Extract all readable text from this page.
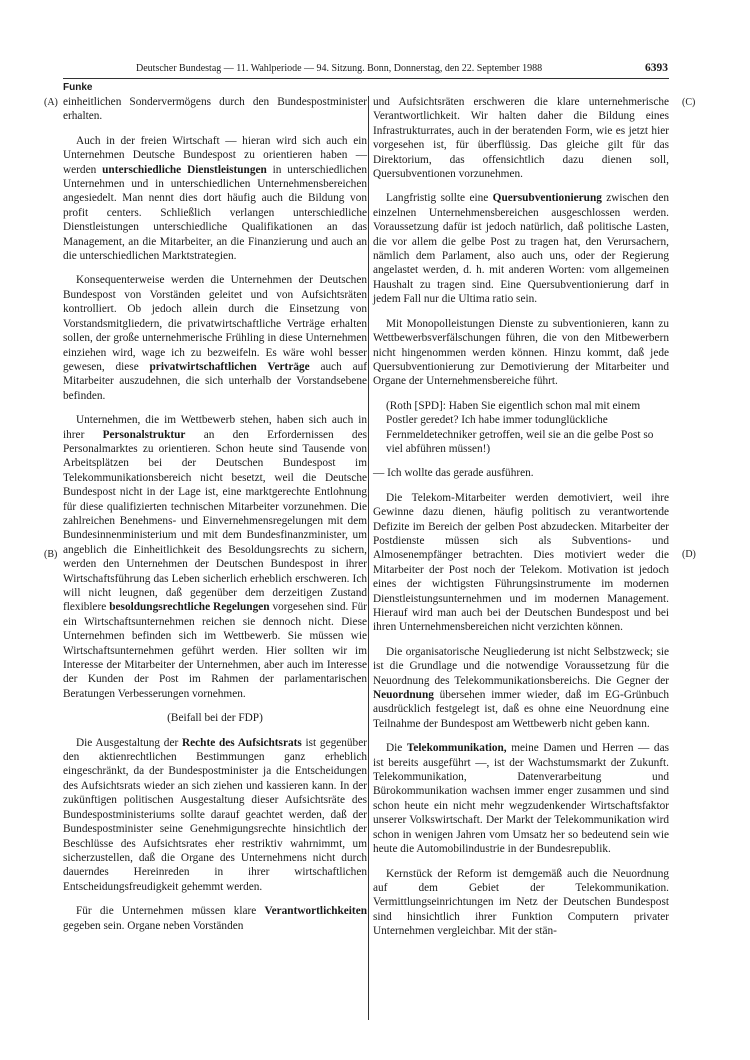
Deutscher Bundestag — 11. Wahlperiode — 94. Sitzung. Bonn, Donnerstag, den 22. September 1988	6393
Funke
(A)
(B)
(C)
(D)

einheitlichen Sondervermögens durch den Bundespostminister erhalten.

Auch in der freien Wirtschaft — hieran wird sich auch ein Unternehmen Deutsche Bundespost zu orientieren haben — werden unterschiedliche Dienstleistungen in unterschiedlichen Unternehmen und in unterschiedlichen Unternehmensbereichen angesiedelt. Man nennt dies dort häufig auch die Bildung von profit centers. Schließlich verlangen unterschiedliche Dienstleistungen unterschiedliche Qualifikationen an das Management, an die Mitarbeiter, an die Finanzierung und auch an die unterschiedlichen Marktstrategien.

Konsequenterweise werden die Unternehmen der Deutschen Bundespost von Vorständen geleitet und von Aufsichtsräten kontrolliert. Ob jedoch allein durch die Einsetzung von Vorstandsmitgliedern, die privatwirtschaftliche Verträge erhalten sollen, der große unternehmerische Frühling in diese Unternehmen einziehen wird, wage ich zu bezweifeln. Es wäre wohl besser gewesen, diese privatwirtschaftlichen Verträge auch auf Mitarbeiter auszudehnen, die sich unterhalb der Vorstandsebene befinden.

Unternehmen, die im Wettbewerb stehen, haben sich auch in ihrer Personalstruktur an den Erfordernissen des Personalmarktes zu orientieren. Schon heute sind Tausende von Arbeitsplätzen bei der Deutschen Bundespost im Telekommunikationsbereich nicht besetzt, weil die Deutsche Bundespost nicht in der Lage ist, eine marktgerechte Entlohnung für diese qualifizierten technischen Mitarbeiter vorzunehmen. Die zahlreichen Benehmens- und Einvernehmensregelungen mit dem Bundesinnenministerium und mit dem Bundesfinanzminister, um angeblich die Einheitlichkeit des Besoldungsrechts zu sichern, werden den Unternehmen der Deutschen Bundespost in ihrer Wirtschaftsführung das Leben sicherlich erheblich erschweren. Ich will nicht leugnen, daß gegenüber dem derzeitigen Zustand flexiblere besoldungsrechtliche Regelungen vorgesehen sind. Für ein Wirtschaftsunternehmen reichen sie dennoch nicht. Diese Unternehmen befinden sich im Wettbewerb. Sie müssen wie Wirtschaftsunternehmen geführt werden. Hier sollten wir im Interesse der Mitarbeiter der Unternehmen, aber auch im Interesse der Kunden der Post im Rahmen der parlamentarischen Beratungen Verbesserungen vornehmen.

(Beifall bei der FDP)

Die Ausgestaltung der Rechte des Aufsichtsrats ist gegenüber den aktienrechtlichen Bestimmungen ganz erheblich eingeschränkt, da der Bundespostminister ja die Entscheidungen des Aufsichtsrats wieder an sich ziehen und kassieren kann. In der zukünftigen politischen Ausgestaltung dieser Aufsichtsräte des Bundespostministeriums sollte darauf geachtet werden, daß der Bundespostminister seine Genehmigungsrechte hinsichtlich der Beschlüsse des Aufsichtsrates eher restriktiv wahrnimmt, um sicherzustellen, daß die Organe des Unternehmens nicht durch dauerndes Hereinreden in ihrer wirtschaftlichen Entscheidungsfreudigkeit gehemmt werden.

Für die Unternehmen müssen klare Verantwortlichkeiten gegeben sein. Organe neben Vorständen

und Aufsichtsräten erschweren die klare unternehmerische Verantwortlichkeit. Wir halten daher die Bildung eines Infrastrukturrates, auch in der beratenden Form, wie es jetzt hier vorgesehen ist, für überflüssig. Das gleiche gilt für das Direktorium, das offensichtlich dazu dienen soll, Quersubventionen vorzunehmen.

Langfristig sollte eine Quersubventionierung zwischen den einzelnen Unternehmensbereichen ausgeschlossen werden. Voraussetzung dafür ist jedoch natürlich, daß politische Lasten, die vor allem die gelbe Post zu tragen hat, den Verursachern, nämlich dem Parlament, also auch uns, oder der Regierung angelastet werden, d. h. mit anderen Worten: vom allgemeinen Haushalt zu tragen sind. Eine Quersubventionierung darf in jedem Fall nur die Ultima ratio sein.

Mit Monopolleistungen Dienste zu subventionieren, kann zu Wettbewerbsverfälschungen führen, die von den Mitbewerbern nicht hingenommen werden können. Hinzu kommt, daß jede Quersubventionierung zur Demotivierung der Mitarbeiter und Organe der Unternehmensbereiche führt.

(Roth [SPD]: Haben Sie eigentlich schon mal mit einem Postler geredet? Ich habe immer todunglückliche Fernmeldetechniker getroffen, weil sie an die gelbe Post so viel abführen müssen!)

— Ich wollte das gerade ausführen.

Die Telekom-Mitarbeiter werden demotiviert, weil ihre Gewinne dazu dienen, häufig politisch zu verantwortende Defizite im Bereich der gelben Post abzudecken. Mitarbeiter der Postdienste müssen sich als Subventions- und Almosenempfänger betrachten. Dies motiviert weder die Mitarbeiter der Post noch der Telekom. Motivation ist jedoch eines der wichtigsten Führungsinstrumente im modernen Dienstleistungsunternehmen und im modernen Management. Hierauf wird man auch bei der Deutschen Bundespost und bei ihren Unternehmensbereichen nicht verzichten können.

Die organisatorische Neugliederung ist nicht Selbstzweck; sie ist die Grundlage und die notwendige Voraussetzung für die Neuordnung des Telekommunikationsbereichs. Die Gegner der Neuordnung übersehen immer wieder, daß im EG-Grünbuch ausdrücklich festgelegt ist, daß es ohne eine Neuordnung eine Teilnahme der Bundespost am Wettbewerb nicht geben kann.

Die Telekommunikation, meine Damen und Herren — das ist bereits ausgeführt —, ist der Wachstumsmarkt der Zukunft. Telekommunikation, Datenverarbeitung und Bürokommunikation wachsen immer enger zusammen und sind schon heute ein nicht mehr wegzudenkender Wirtschaftsfaktor unserer Volkswirtschaft. Der Markt der Telekommunikation wird schon in wenigen Jahren vom Umsatz her so bedeutend sein wie heute die Automobilindustrie in der Bundesrepublik.

Kernstück der Reform ist demgemäß auch die Neuordnung auf dem Gebiet der Telekommunikation. Vermittlungseinrichtungen im Netz der Deutschen Bundespost sind hinsichtlich ihrer Funktion Computern privater Unternehmen vergleichbar. Mit der stän-
